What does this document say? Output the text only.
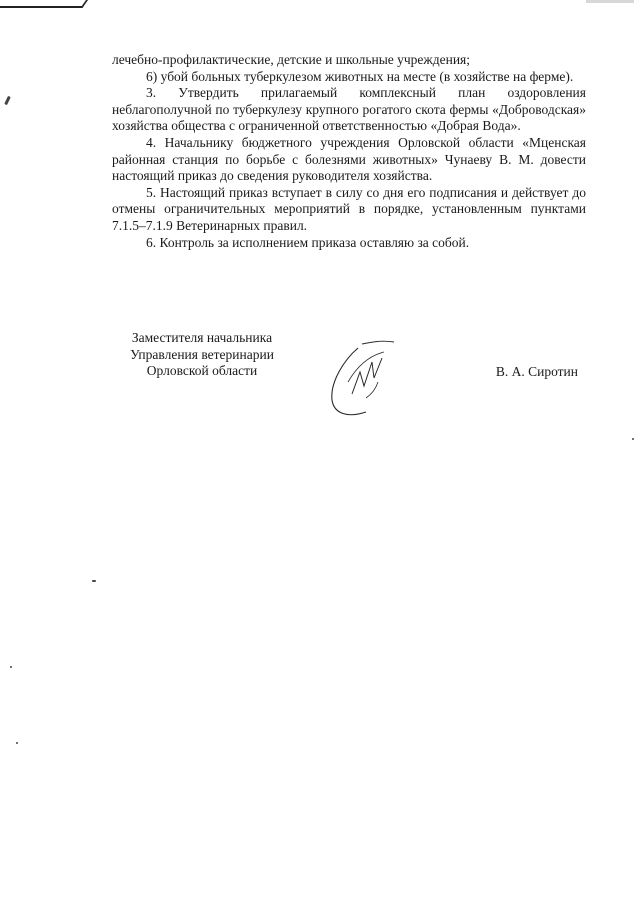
лечебно-профилактические, детские и школьные учреждения;

6) убой больных туберкулезом животных на месте (в хозяйстве на ферме).

3. Утвердить прилагаемый комплексный план оздоровления неблагополучной по туберкулезу крупного рогатого скота фермы «Доброводская» хозяйства общества с ограниченной ответственностью «Добрая Вода».

4. Начальнику бюджетного учреждения Орловской области «Мценская районная станция по борьбе с болезнями животных» Чунаеву В. М. довести настоящий приказ до сведения руководителя хозяйства.

5. Настоящий приказ вступает в силу со дня его подписания и действует до отмены ограничительных мероприятий в порядке, установленным пунктами 7.1.5–7.1.9 Ветеринарных правил.

6. Контроль за исполнением приказа оставляю за собой.

Заместителя начальника
Управления ветеринарии
Орловской области	В. А. Сиротин
